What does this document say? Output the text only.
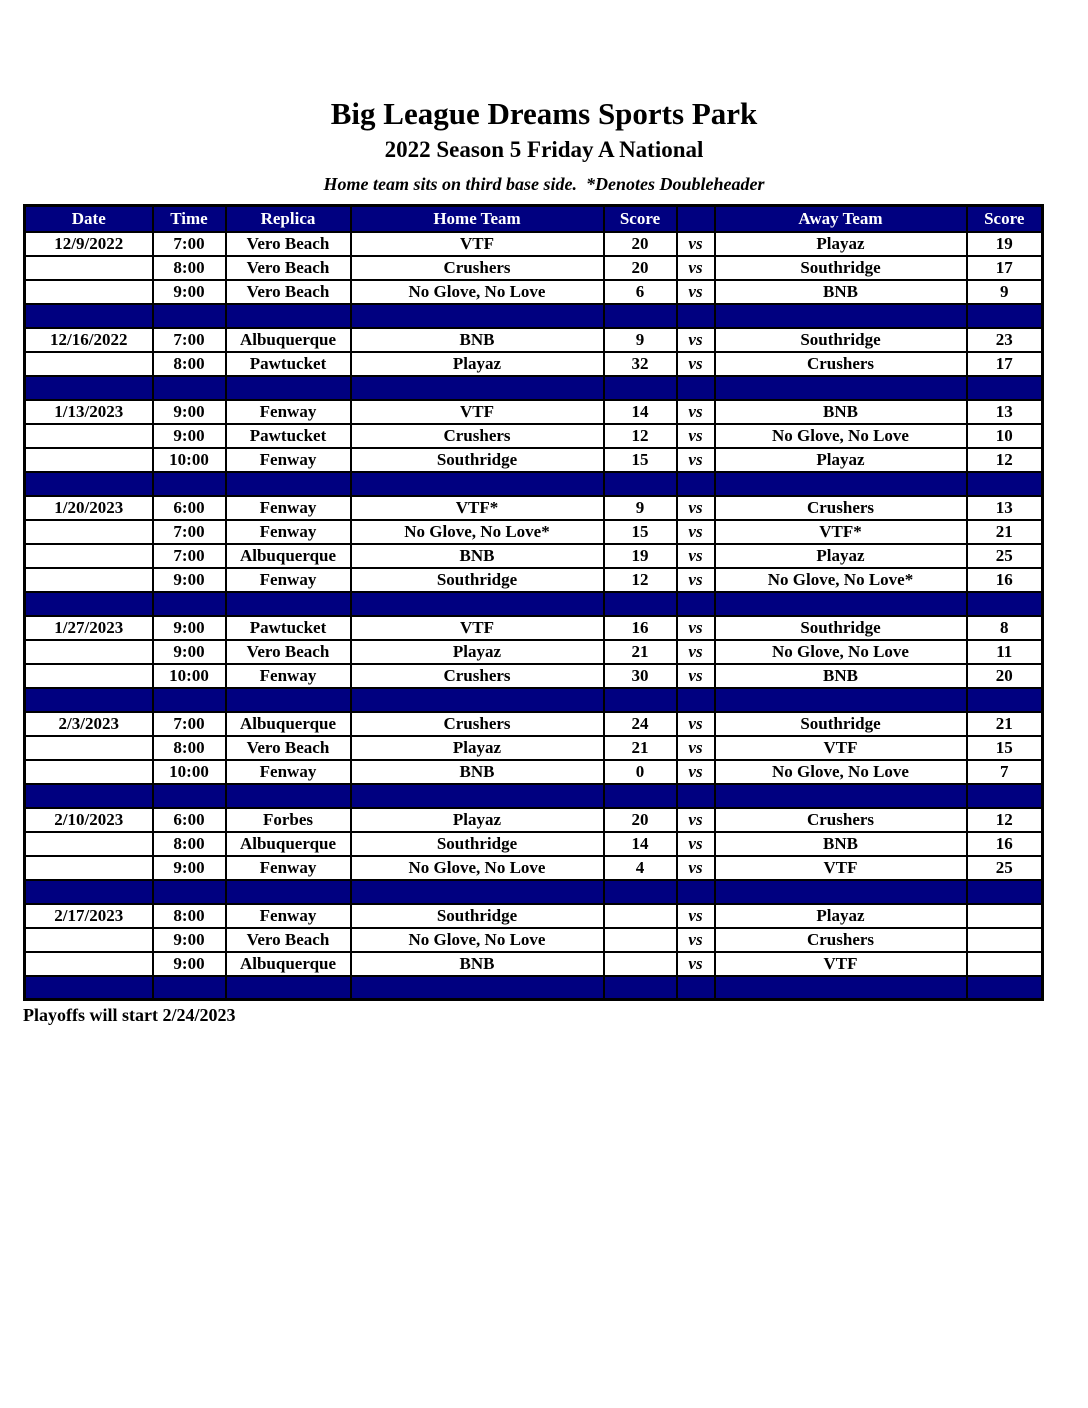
Big League Dreams Sports Park
2022 Season 5 Friday A National
Home team sits on third base side.  *Denotes Doubleheader
Date	Time	Replica	Home Team	Score		Away Team	Score
12/9/2022	7:00	Vero Beach	VTF	20	vs	Playaz	19
	8:00	Vero Beach	Crushers	20	vs	Southridge	17
	9:00	Vero Beach	No Glove, No Love	6	vs	BNB	9

12/16/2022	7:00	Albuquerque	BNB	9	vs	Southridge	23
	8:00	Pawtucket	Playaz	32	vs	Crushers	17

1/13/2023	9:00	Fenway	VTF	14	vs	BNB	13
	9:00	Pawtucket	Crushers	12	vs	No Glove, No Love	10
	10:00	Fenway	Southridge	15	vs	Playaz	12

1/20/2023	6:00	Fenway	VTF*	9	vs	Crushers	13
	7:00	Fenway	No Glove, No Love*	15	vs	VTF*	21
	7:00	Albuquerque	BNB	19	vs	Playaz	25
	9:00	Fenway	Southridge	12	vs	No Glove, No Love*	16

1/27/2023	9:00	Pawtucket	VTF	16	vs	Southridge	8
	9:00	Vero Beach	Playaz	21	vs	No Glove, No Love	11
	10:00	Fenway	Crushers	30	vs	BNB	20

2/3/2023	7:00	Albuquerque	Crushers	24	vs	Southridge	21
	8:00	Vero Beach	Playaz	21	vs	VTF	15
	10:00	Fenway	BNB	0	vs	No Glove, No Love	7

2/10/2023	6:00	Forbes	Playaz	20	vs	Crushers	12
	8:00	Albuquerque	Southridge	14	vs	BNB	16
	9:00	Fenway	No Glove, No Love	4	vs	VTF	25

2/17/2023	8:00	Fenway	Southridge		vs	Playaz	
	9:00	Vero Beach	No Glove, No Love		vs	Crushers	
	9:00	Albuquerque	BNB		vs	VTF	

Playoffs will start 2/24/2023
